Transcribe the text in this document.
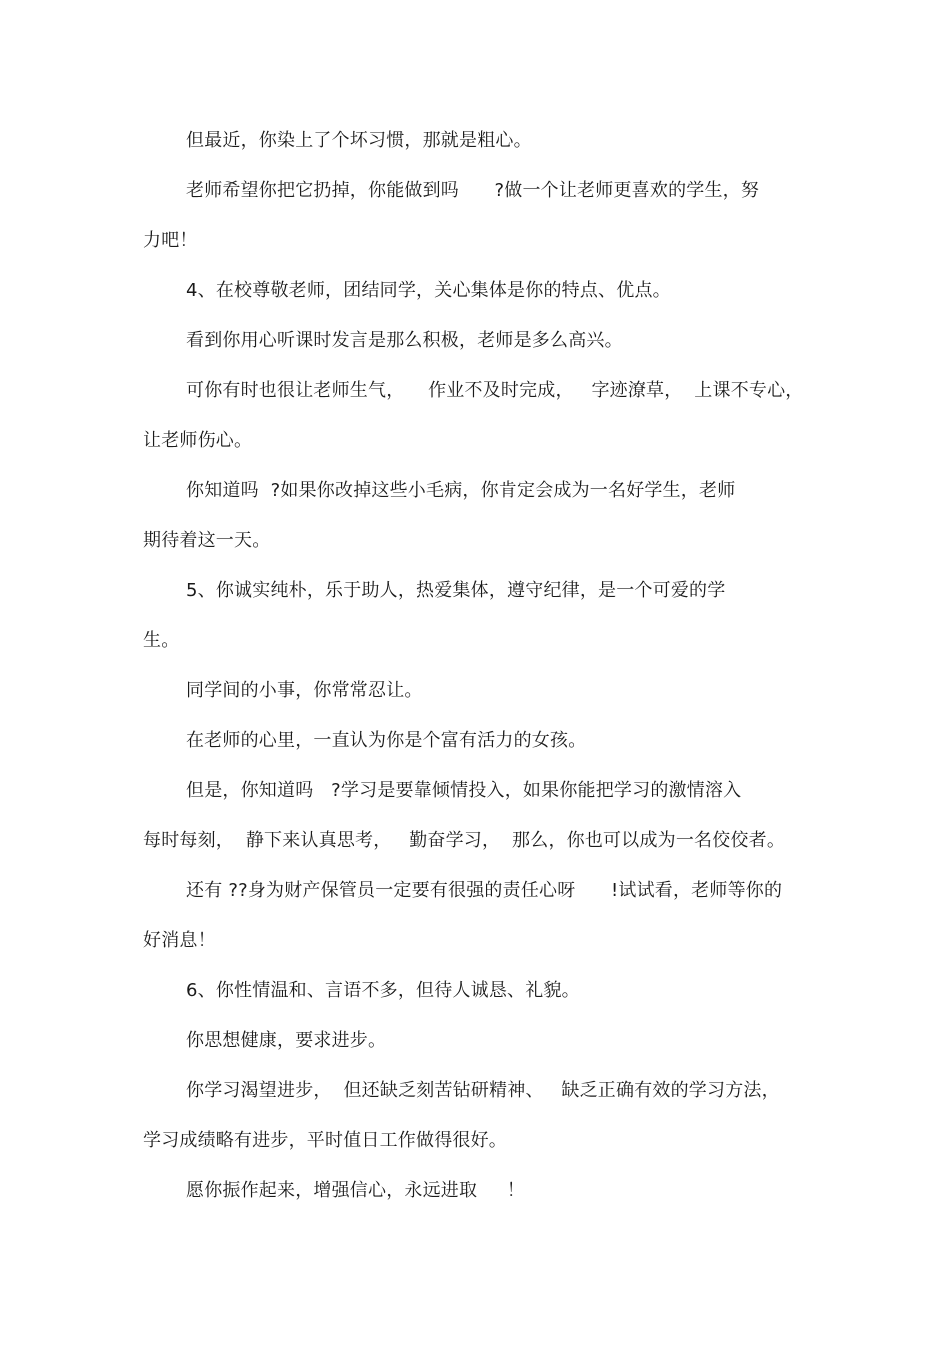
但最近，你染上了个坏习惯，那就是粗心。
老师希望你把它扔掉，你能做到吗      ?做一个让老师更喜欢的学生，努
力吧！
4、在校尊敬老师，团结同学，关心集体是你的特点、优点。
看到你用心听课时发言是那么积极，老师是多么高兴。
可你有时也很让老师生气，    作业不及时完成，   字迹潦草，  上课不专心，
让老师伤心。
你知道吗  ?如果你改掉这些小毛病，你肯定会成为一名好学生，老师
期待着这一天。
5、你诚实纯朴，乐于助人，热爱集体，遵守纪律，是一个可爱的学
生。
同学间的小事，你常常忍让。
在老师的心里，一直认为你是个富有活力的女孩。
但是，你知道吗   ?学习是要靠倾情投入，如果你能把学习的激情溶入
每时每刻，  静下来认真思考，   勤奋学习，  那么，你也可以成为一名佼佼者。
还有 ??身为财产保管员一定要有很强的责任心呀      !试试看，老师等你的
好消息！
6、你性情温和、言语不多，但待人诚恳、礼貌。
你思想健康，要求进步。
你学习渴望进步，  但还缺乏刻苦钻研精神、   缺乏正确有效的学习方法，
学习成绩略有进步，平时值日工作做得很好。
愿你振作起来，增强信心，永远进取     ！
